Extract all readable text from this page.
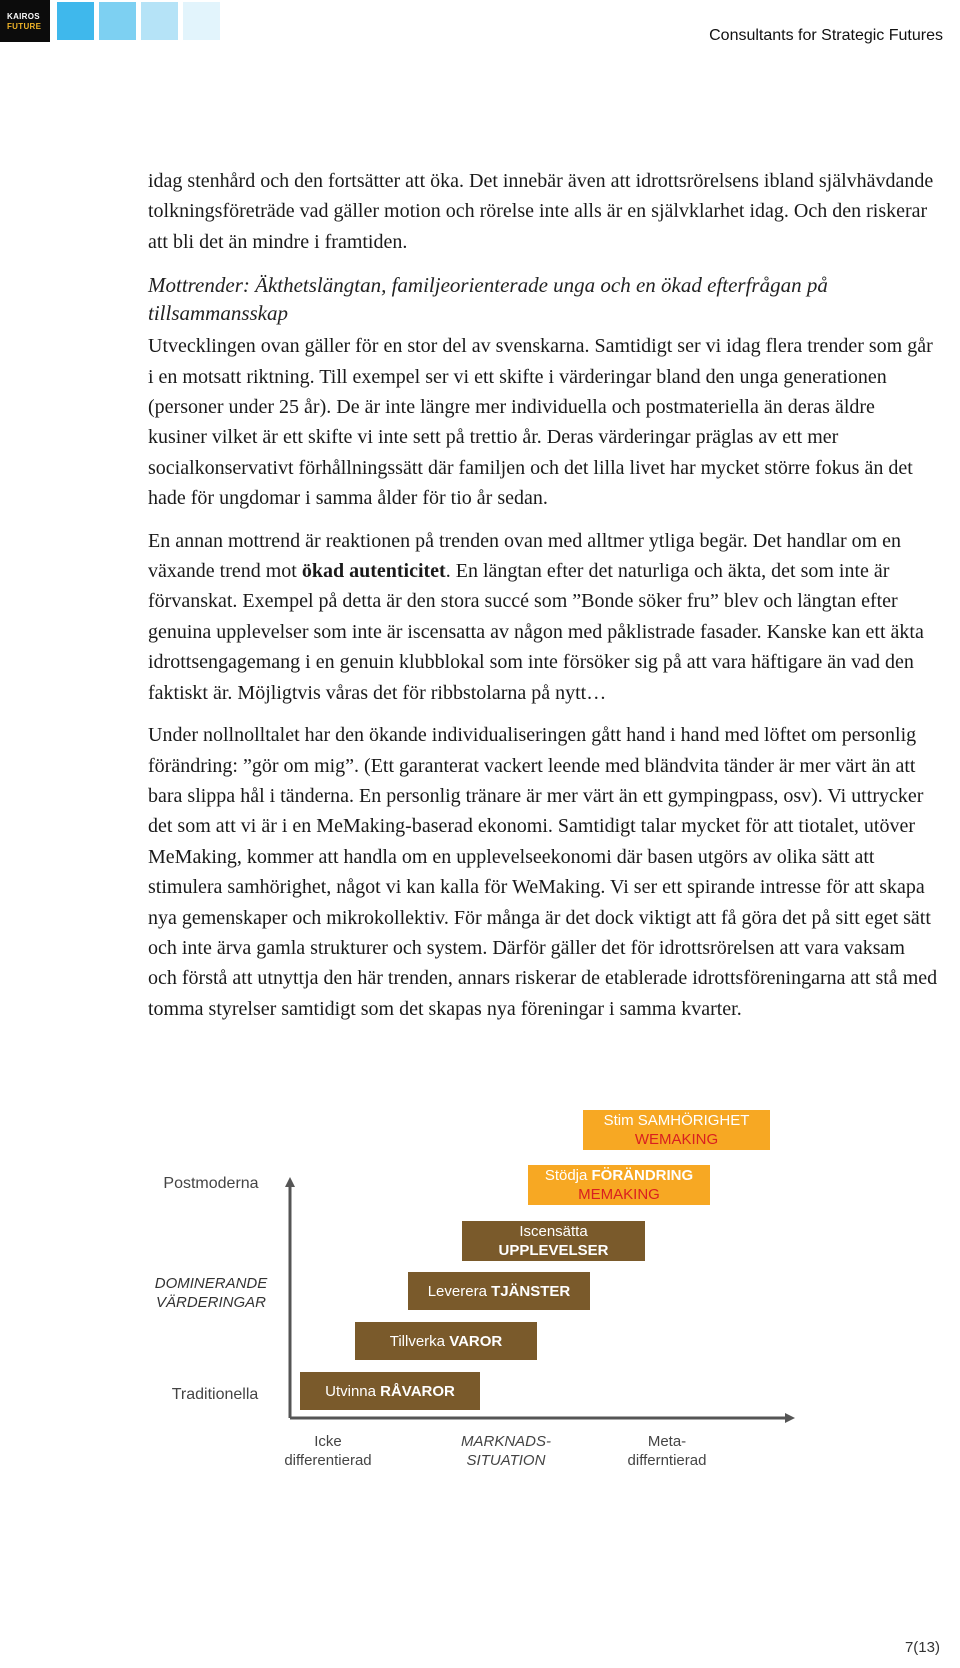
KAIROS
FUTURE
Consultants for Strategic Futures

idag stenhård och den fortsätter att öka. Det innebär även att idrottsrörelsens ibland självhävdande tolkningsföreträde vad gäller motion och rörelse inte alls är en självklarhet idag. Och den riskerar att bli det än mindre i framtiden.

Mottrender: Äkthetslängtan, familjeorienterade unga och en ökad efterfrågan på tillsammansskap

Utvecklingen ovan gäller för en stor del av svenskarna. Samtidigt ser vi idag flera trender som går i en motsatt riktning. Till exempel ser vi ett skifte i värderingar bland den unga generationen (personer under 25 år). De är inte längre mer individuella och postmateriella än deras äldre kusiner vilket är ett skifte vi inte sett på trettio år. Deras värderingar präglas av ett mer socialkonservativt förhållningssätt där familjen och det lilla livet har mycket större fokus än det hade för ungdomar i samma ålder för tio år sedan.

En annan mottrend är reaktionen på trenden ovan med alltmer ytliga begär. Det handlar om en växande trend mot ökad autenticitet. En längtan efter det naturliga och äkta, det som inte är förvanskat. Exempel på detta är den stora succé som ”Bonde söker fru” blev och längtan efter genuina upplevelser som inte är iscensatta av någon med påklistrade fasader. Kanske kan ett äkta idrottsengagemang i en genuin klubblokal som inte försöker sig på att vara häftigare än vad den faktiskt är. Möjligtvis våras det för ribbstolarna på nytt…

Under nollnolltalet har den ökande individualiseringen gått hand i hand med löftet om personlig förändring: ”gör om mig”. (Ett garanterat vackert leende med bländvita tänder är mer värt än att bara slippa hål i tänderna. En personlig tränare är mer värt än ett gympingpass, osv). Vi uttrycker det som att vi är i en MeMaking-baserad ekonomi. Samtidigt talar mycket för att tiotalet, utöver MeMaking, kommer att handla om en upplevelseekonomi där basen utgörs av olika sätt att stimulera samhörighet, något vi kan kalla för WeMaking. Vi ser ett spirande intresse för att skapa nya gemenskaper och mikrokollektiv. För många är det dock viktigt att få göra det på sitt eget sätt och inte ärva gamla strukturer och system. Därför gäller det för idrottsrörelsen att vara vaksam och förstå att utnyttja den här trenden, annars riskerar de etablerade idrottsföreningarna att stå med tomma styrelser samtidigt som det skapas nya föreningar i samma kvarter.

Postmoderna
DOMINERANDE
VÄRDERINGAR
Traditionella
Icke
differentierad
MARKNADS-
SITUATION
Meta-
differntierad
Utvinna RÅVAROR
Tillverka VAROR
Leverera TJÄNSTER
Iscensätta
UPPLEVELSER
Stödja FÖRÄNDRING
MEMAKING
Stim SAMHÖRIGHET
WEMAKING
7(13)
